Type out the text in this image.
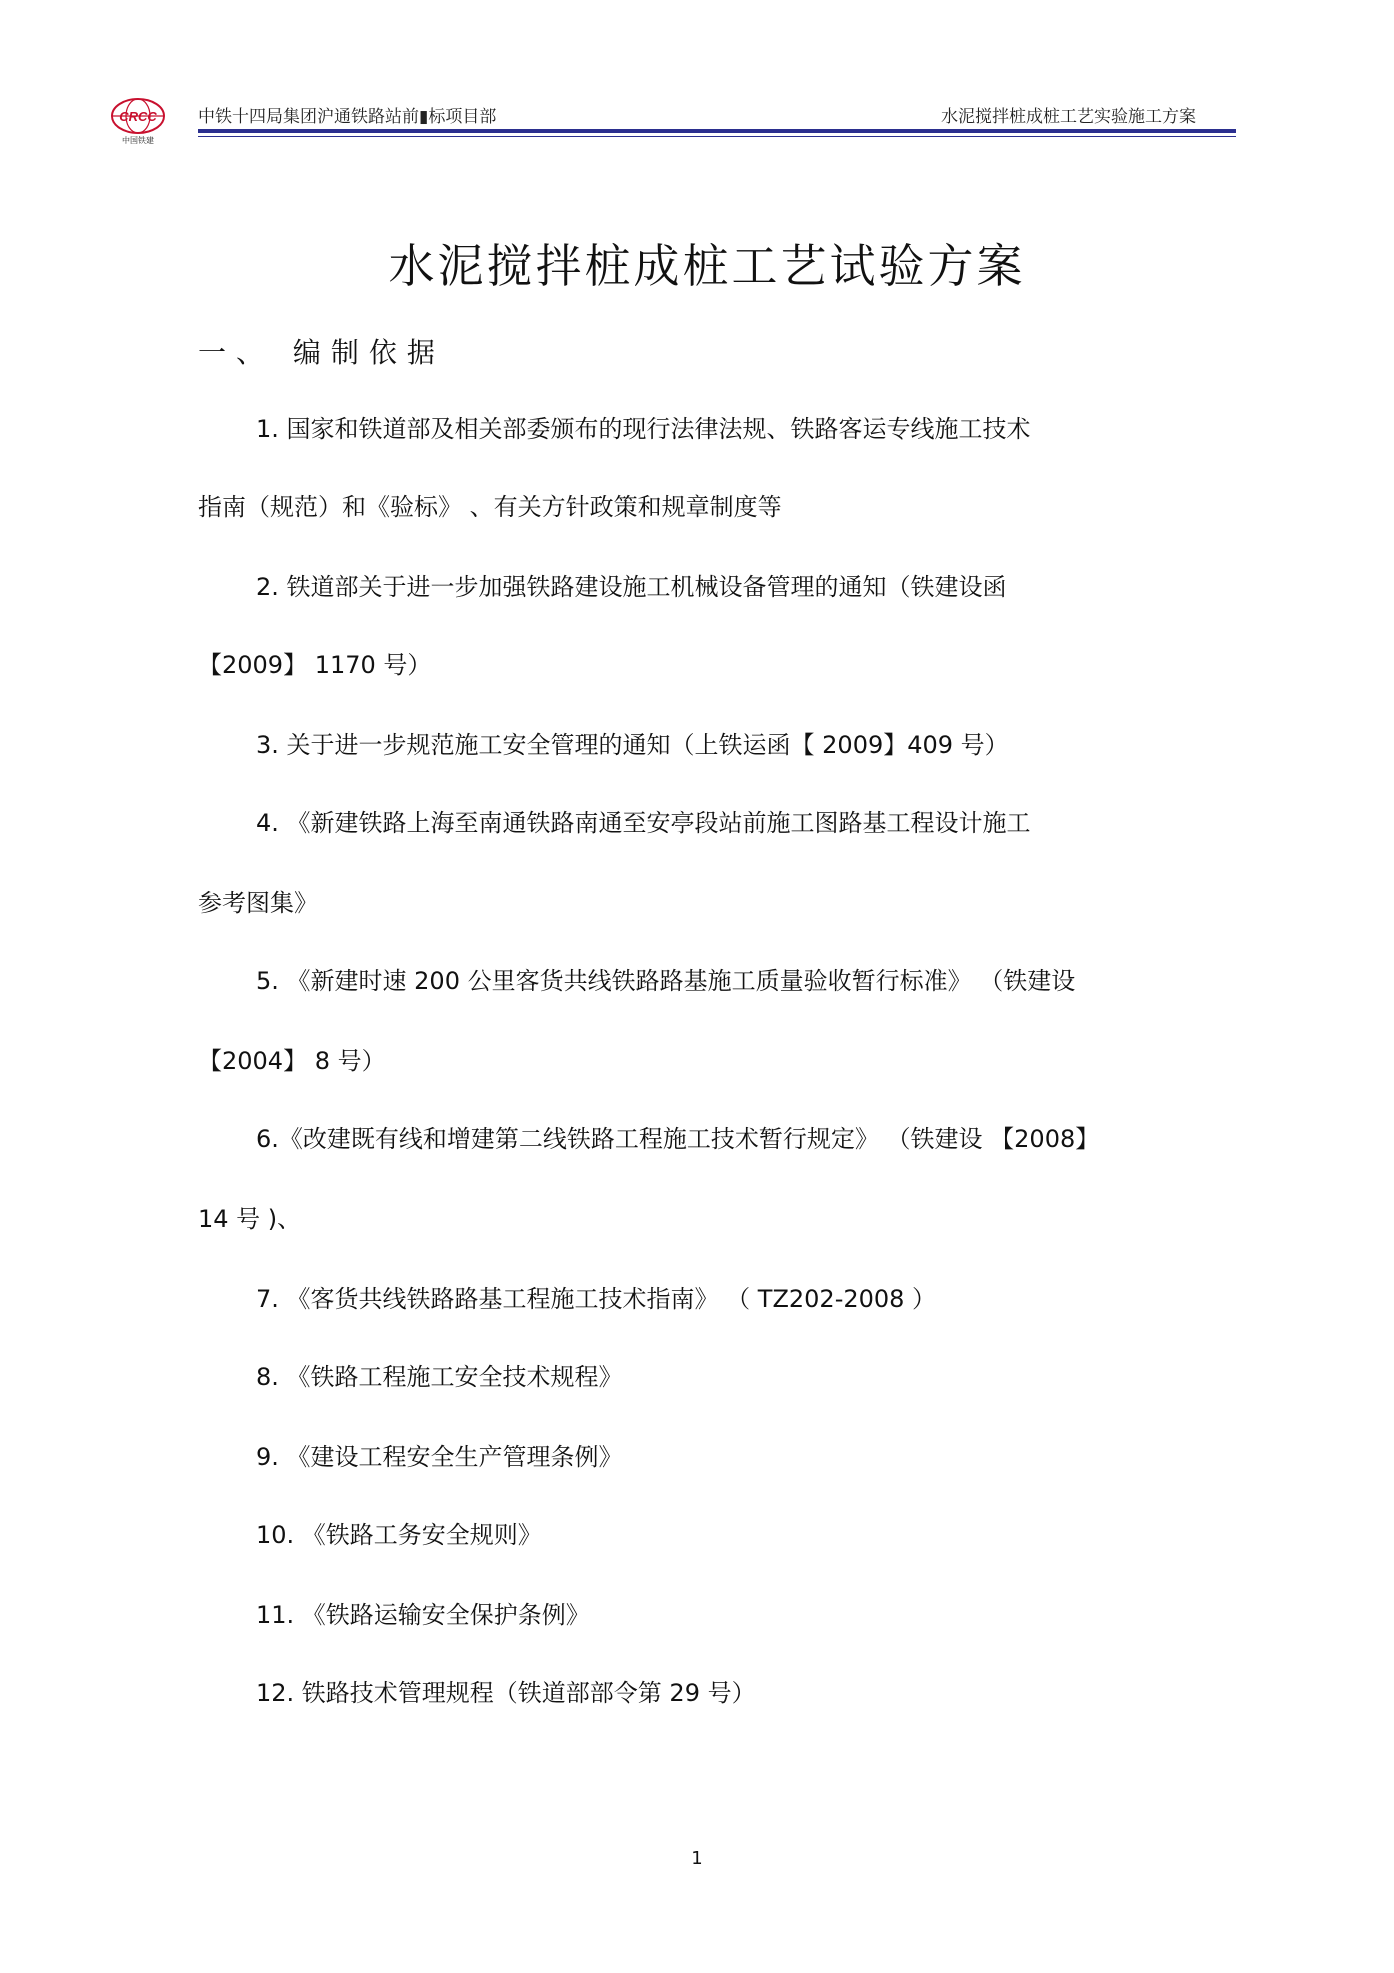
CRCC
中国铁建
中铁十四局集团沪通铁路站前▮标项目部	水泥搅拌桩成桩工艺实验施工方案
水泥搅拌桩成桩工艺试验方案
一、 编制依据
1. 国家和铁道部及相关部委颁布的现行法律法规、铁路客运专线施工技术
指南（规范）和《验标》 、有关方针政策和规章制度等
2. 铁道部关于进一步加强铁路建设施工机械设备管理的通知（铁建设函
【2009】 1170 号）
3. 关于进一步规范施工安全管理的通知（上铁运函【 2009】409 号）
4. 《新建铁路上海至南通铁路南通至安亭段站前施工图路基工程设计施工
参考图集》
5. 《新建时速 200 公里客货共线铁路路基施工质量验收暂行标准》 （铁建设
【2004】 8 号）
6.《改建既有线和增建第二线铁路工程施工技术暂行规定》 （铁建设 【2008】
14 号 )、
7. 《客货共线铁路路基工程施工技术指南》 （ TZ202-2008 ）
8. 《铁路工程施工安全技术规程》
9. 《建设工程安全生产管理条例》
10. 《铁路工务安全规则》
11. 《铁路运输安全保护条例》
12. 铁路技术管理规程（铁道部部令第 29 号）
1
